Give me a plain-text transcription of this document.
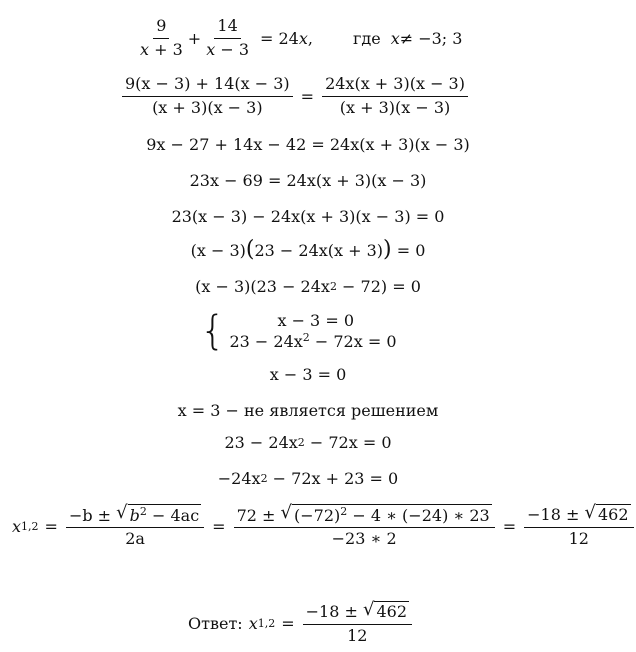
$\frac{9}{x + 3} + \frac{14}{x - 3} = 24$ x ,	где x ≠ −3; 3
$\frac{9(x - 3) + 14(x - 3)}{(x + 3)(x - 3)} = \frac{24x(x + 3)(x - 3)}{(x + 3)(x - 3)}$
9x − 27 + 14x − 42 = 24x(x + 3)(x − 3)
23x − 69 = 24x(x + 3)(x − 3)
23(x − 3) − 24x(x + 3)(x − 3) = 0
(x − 3) ( 23 − 24x(x + 3) ) = 0
(x − 3)(23 − 24x 2 − 72) = 0
{	x − 3 = 0
$23 - 24x^2 - 72x = 0$
x − 3 = 0
x = 3 − не является решением
23 − 24x 2 − 72x = 0
−24x 2 − 72x + 23 = 0
x $1,2 = \frac{-b \pm √ b^2 - 4ac}{2a} = \frac{72 \pm √ (-72)^2 - 4 ∗ (-24) ∗ 23}{-23 ∗ 2} = \frac{-18 \pm √ 462}{12}$
Ответ: x $1,2 = \frac{-18 \pm √ 462}{12}$
